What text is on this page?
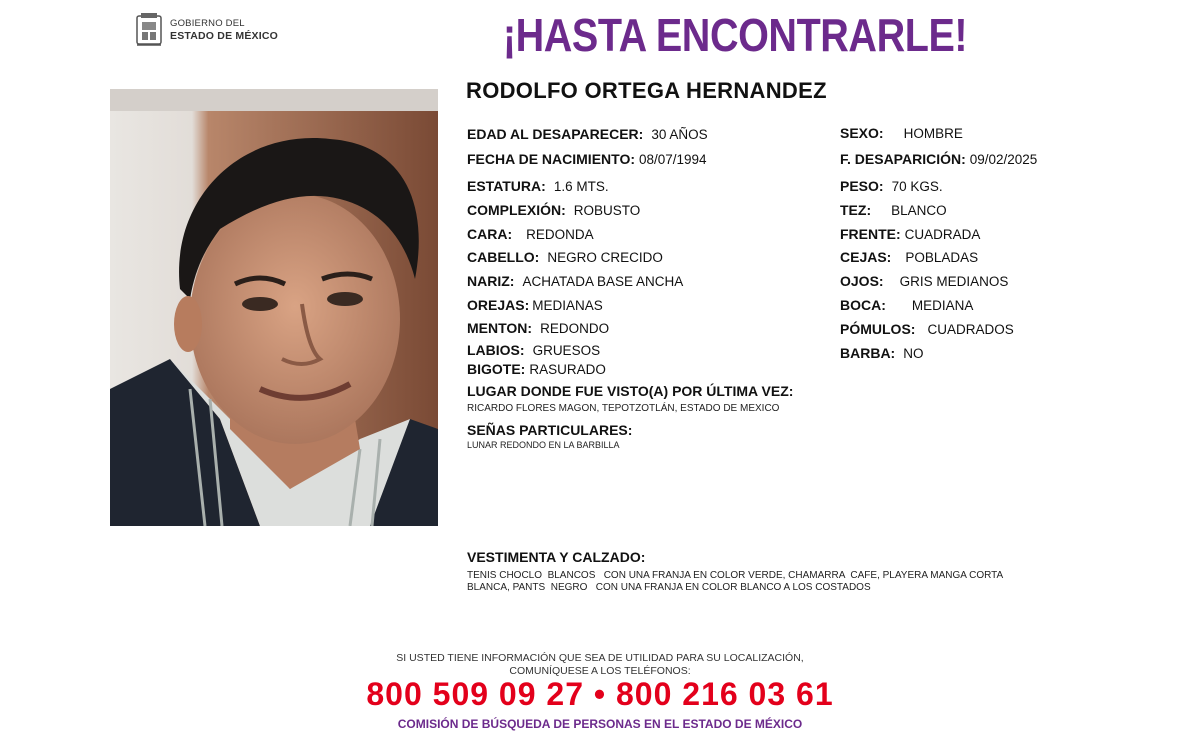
GOBIERNO DEL
ESTADO DE MÉXICO	¡HASTA ENCONTRARLE!
RODOLFO ORTEGA HERNANDEZ
EDAD AL DESAPARECER: 30 AÑOS
FECHA DE NACIMIENTO: 08/07/1994
ESTATURA: 1.6 MTS.
COMPLEXIÓN: ROBUSTO
CARA: REDONDA
CABELLO: NEGRO CRECIDO
NARIZ: ACHATADA BASE ANCHA
OREJAS: MEDIANAS
MENTON: REDONDO
LABIOS: GRUESOS
BIGOTE: RASURADO
SEXO: HOMBRE
F. DESAPARICIÓN: 09/02/2025
PESO: 70 KGS.
TEZ: BLANCO
FRENTE: CUADRADA
CEJAS: POBLADAS
OJOS: GRIS MEDIANOS
BOCA: MEDIANA
PÓMULOS: CUADRADOS
BARBA: NO
LUGAR DONDE FUE VISTO(A) POR ÚLTIMA VEZ:
RICARDO FLORES MAGON, TEPOTZOTLÁN, ESTADO DE MEXICO
SEÑAS PARTICULARES:
LUNAR REDONDO EN LA BARBILLA
VESTIMENTA Y CALZADO:
TENIS CHOCLO  BLANCOS   CON UNA FRANJA EN COLOR VERDE, CHAMARRA  CAFE, PLAYERA MANGA CORTA
BLANCA, PANTS  NEGRO   CON UNA FRANJA EN COLOR BLANCO A LOS COSTADOS
SI USTED TIENE INFORMACIÓN QUE SEA DE UTILIDAD PARA SU LOCALIZACIÓN,
COMUNÍQUESE A LOS TELÉFONOS:
800 509 09 27 • 800 216 03 61
COMISIÓN DE BÚSQUEDA DE PERSONAS EN EL ESTADO DE MÉXICO
